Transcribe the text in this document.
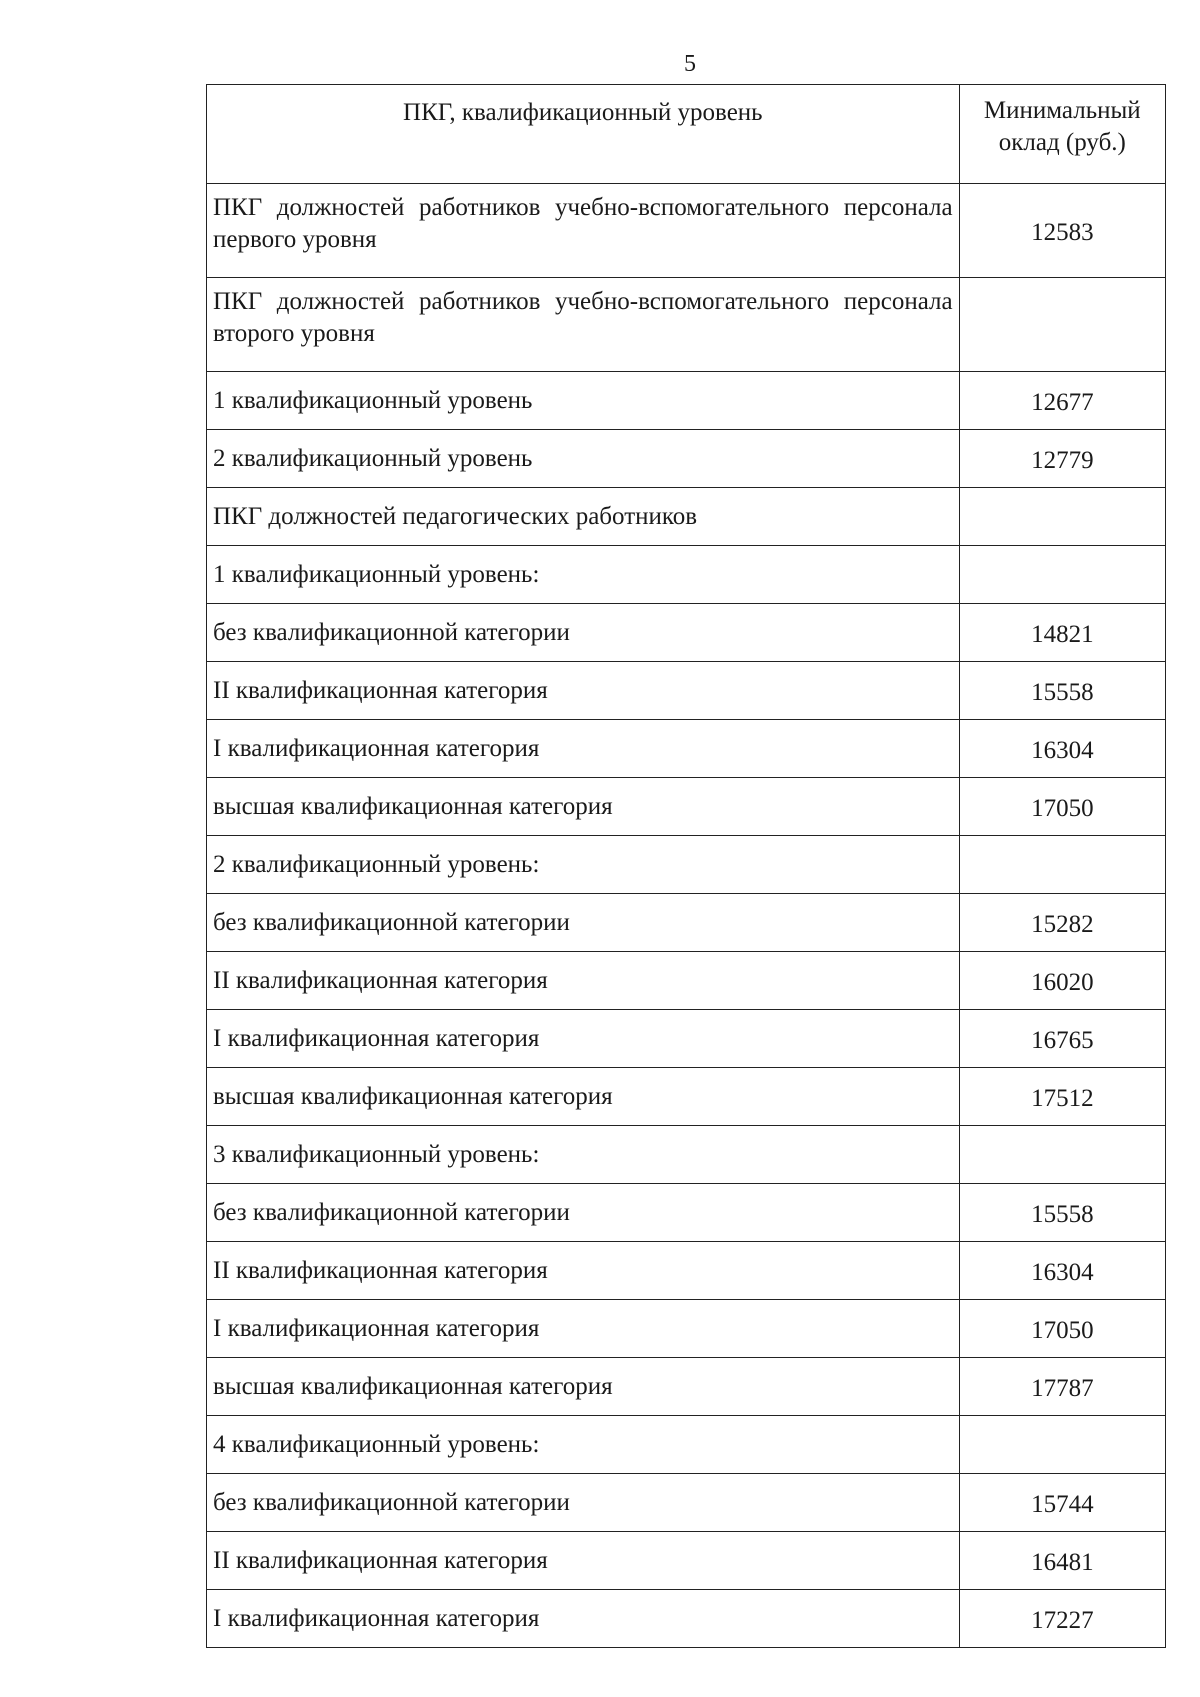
5
ПКГ, квалификационный уровень	Минимальный
оклад (руб.)
ПКГ должностей работников учебно-вспомогательного персонала первого уровня	12583
ПКГ должностей работников учебно-вспомогательного персонала второго уровня	
1 квалификационный уровень	12677
2 квалификационный уровень	12779
ПКГ должностей педагогических работников	
1 квалификационный уровень:	
без квалификационной категории	14821
II квалификационная категория	15558
I квалификационная категория	16304
высшая квалификационная категория	17050
2 квалификационный уровень:	
без квалификационной категории	15282
II квалификационная категория	16020
I квалификационная категория	16765
высшая квалификационная категория	17512
3 квалификационный уровень:	
без квалификационной категории	15558
II квалификационная категория	16304
I квалификационная категория	17050
высшая квалификационная категория	17787
4 квалификационный уровень:	
без квалификационной категории	15744
II квалификационная категория	16481
I квалификационная категория	17227
